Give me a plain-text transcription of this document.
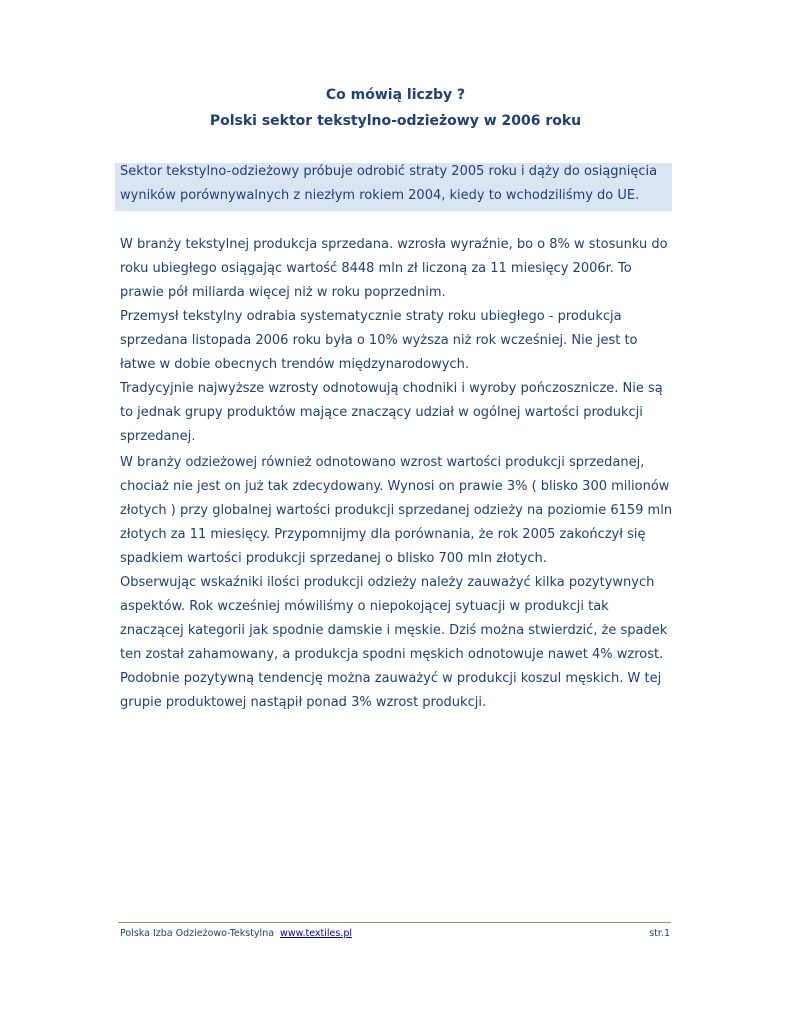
Co mówią liczby ?
Polski sektor tekstylno-odzieżowy w 2006 roku

Sektor tekstylno-odzieżowy próbuje odrobić straty 2005 roku i dąży do osiągnięcia wyników porównywalnych z niezłym rokiem 2004, kiedy to wchodziliśmy do UE.

W branży tekstylnej produkcja sprzedana. wzrosła wyraźnie, bo o 8% w stosunku do roku ubiegłego osiągając wartość 8448 mln zł liczoną za 11 miesięcy 2006r. To prawie pół miliarda więcej niż w roku poprzednim.

Przemysł tekstylny odrabia systematycznie straty roku ubiegłego - produkcja sprzedana listopada 2006 roku była o 10% wyższa niż rok wcześniej. Nie jest to łatwe w dobie obecnych trendów międzynarodowych.

Tradycyjnie najwyższe wzrosty odnotowują chodniki i wyroby pończosznicze. Nie są to jednak grupy produktów mające znaczący udział w ogólnej wartości produkcji sprzedanej.

W branży odzieżowej również odnotowano wzrost wartości produkcji sprzedanej, chociaż nie jest on już tak zdecydowany. Wynosi on prawie 3% ( blisko 300 milionów złotych ) przy globalnej wartości produkcji sprzedanej odzieży na poziomie 6159 mln złotych za 11 miesięcy. Przypomnijmy dla porównania, że rok 2005 zakończył się spadkiem wartości produkcji sprzedanej o blisko 700 mln złotych.

Obserwując wskaźniki ilości produkcji odzieży należy zauważyć kilka pozytywnych aspektów. Rok wcześniej mówiliśmy o niepokojącej sytuacji w produkcji tak znaczącej kategorii jak spodnie damskie i męskie. Dziś można stwierdzić, że spadek ten został zahamowany, a produkcja spodni męskich odnotowuje nawet 4% wzrost.

Podobnie pozytywną tendencję można zauważyć w produkcji koszul męskich. W tej grupie produktowej nastąpił ponad 3% wzrost produkcji.

Polska Izba Odzieżowo-Tekstylna www.textiles.pl	str.1
